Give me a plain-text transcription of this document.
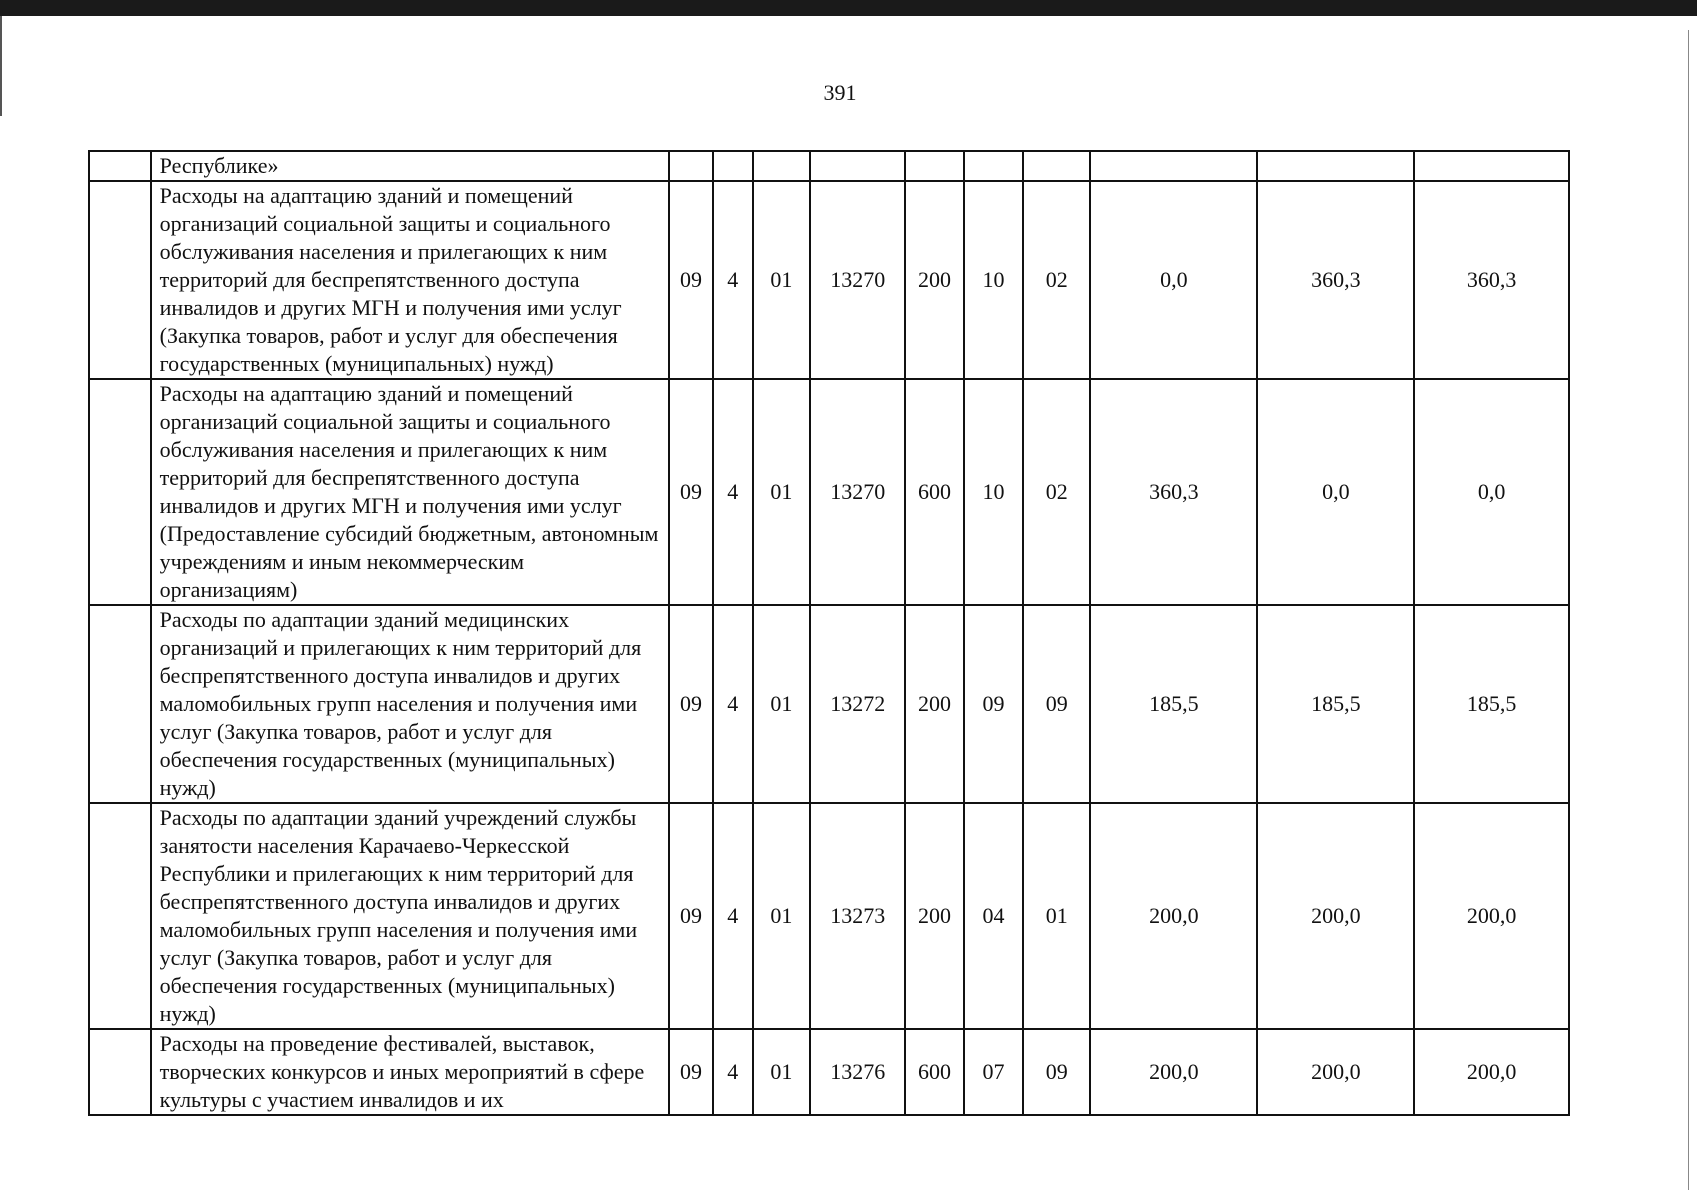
391
	Республике»										
	Расходы на адаптацию зданий и помещений организаций социальной защиты и социального обслуживания населения и прилегающих к ним территорий для беспрепятственного доступа инвалидов и других МГН и получения ими услуг (Закупка товаров, работ и услуг для обеспечения государственных (муниципальных) нужд)	09	4	01	13270	200	10	02	0,0	360,3	360,3
	Расходы на адаптацию зданий и помещений организаций социальной защиты и социального обслуживания населения и прилегающих к ним территорий для беспрепятственного доступа инвалидов и других МГН и получения ими услуг (Предоставление субсидий бюджетным, автономным учреждениям и иным некоммерческим организациям)	09	4	01	13270	600	10	02	360,3	0,0	0,0
	Расходы по адаптации зданий медицинских организаций и прилегающих к ним территорий для беспрепятственного доступа инвалидов и других маломобильных групп населения и получения ими услуг (Закупка товаров, работ и услуг для обеспечения государственных (муниципальных) нужд)	09	4	01	13272	200	09	09	185,5	185,5	185,5
	Расходы по адаптации зданий учреждений службы занятости населения Карачаево-Черкесской Республики и прилегающих к ним территорий для беспрепятственного доступа инвалидов и других маломобильных групп населения и получения ими услуг (Закупка товаров, работ и услуг для обеспечения государственных (муниципальных) нужд)	09	4	01	13273	200	04	01	200,0	200,0	200,0
	Расходы на проведение фестивалей, выставок, творческих конкурсов и иных мероприятий в сфере культуры с участием инвалидов и их	09	4	01	13276	600	07	09	200,0	200,0	200,0
